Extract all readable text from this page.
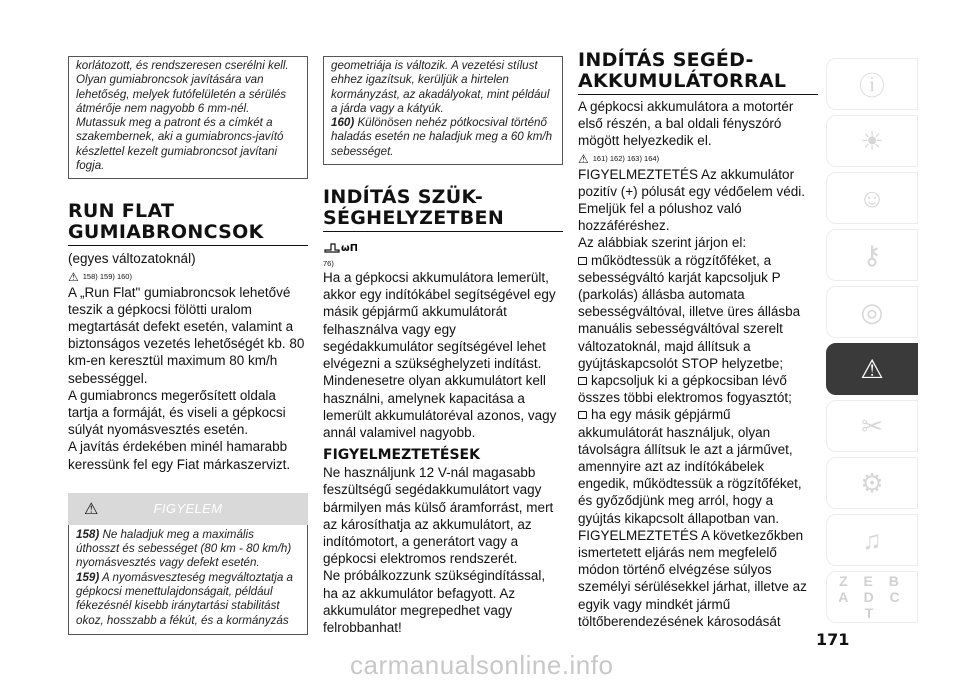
korlátozott, és rendszeresen cserélni kell. Olyan gumiabroncsok javítására van lehetőség, melyek futófelületén a sérülés átmérője nem nagyobb 6 mm-nél. Mutassuk meg a patront és a címkét a szakembernek, aki a gumiabroncs-javító készlettel kezelt gumiabroncsot javítani fogja.

RUN FLAT
GUMIABRONCSOK

(egyes változatoknál)

⚠ 158) 159) 160)

A „Run Flat" gumiabroncsok lehetővé teszik a gépkocsi fölötti uralom megtartását defekt esetén, valamint a biztonságos vezetés lehetőségét kb. 80 km-en keresztül maximum 80 km/h sebességgel.

A gumiabroncs megerősített oldala tartja a formáját, és viseli a gépkocsi súlyát nyomásvesztés esetén.

A javítás érdekében minél hamarabb keressünk fel egy Fiat márkaszervizt.

⚠	FIGYELEM

158) Ne haladjuk meg a maximális úthosszt és sebességet (80 km - 80 km/h) nyomásvesztés vagy defekt esetén.

159) A nyomásveszteség megváltoztatja a gépkocsi menettulajdonságait, például fékezésnél kisebb iránytartási stabilitást okoz, hosszabb a fékút, és a kormányzás

geometriája is változik. A vezetési stílust ehhez igazítsuk, kerüljük a hirtelen kormányzást, az akadályokat, mint például a járda vagy a kátyúk.

160) Különösen nehéz pótkocsival történő haladás esetén ne haladjuk meg a 60 km/h sebességet.

INDÍTÁS SZÜK-
SÉGHELYZETBEN
ωΠ
76)

Ha a gépkocsi akkumulátora lemerült, akkor egy indítókábel segítségével egy másik gépjármű akkumulátorát felhasználva vagy egy segédakkumulátor segítségével lehet elvégezni a szükséghelyzeti indítást.

Mindenesetre olyan akkumulátort kell használni, amelynek kapacitása a lemerült akkumulátoréval azonos, vagy annál valamivel nagyobb.

FIGYELMEZTETÉSEK

Ne használjunk 12 V-nál magasabb feszültségű segédakkumulátort vagy bármilyen más külső áramforrást, mert az károsíthatja az akkumulátort, az indítómotort, a generátort vagy a gépkocsi elektromos rendszerét.

Ne próbálkozzunk szükségindítással, ha az akkumulátor befagyott. Az akkumulátor megrepedhet vagy felrobbanhat!

INDÍTÁS SEGÉD-
AKKUMULÁTORRAL

A gépkocsi akkumulátora a motortér első részén, a bal oldali fényszóró mögött helyezkedik el.

⚠ 161) 162) 163) 164)

FIGYELMEZTETÉS Az akkumulátor pozitív (+) pólusát egy védőelem védi. Emeljük fel a pólushoz való hozzáféréshez.

Az alábbiak szerint járjon el:

működtessük a rögzítőféket, a sebességváltó karját kapcsoljuk P (parkolás) állásba automata sebességváltóval, illetve üres állásba manuális sebességváltóval szerelt változatoknál, majd állítsuk a gyújtáskapcsolót STOP helyzetbe;

kapcsoljuk ki a gépkocsiban lévő összes többi elektromos fogyasztót;

ha egy másik gépjármű akkumulátorát használjuk, olyan távolságra állítsuk le azt a járművet, amennyire azt az indítókábelek engedik, működtessük a rögzítőféket, és győződjünk meg arról, hogy a gyújtás kikapcsolt állapotban van.

FIGYELMEZTETÉS A következőkben ismertetett eljárás nem megfelelő módon történő elvégzése súlyos személyi sérülésekkel járhat, illetve az egyik vagy mindkét jármű töltőberendezésének károsodását

ⓘ
☀
☺
⚷
◎
⚠
✂
⚙
♫
Z E B A D C T
171
carmanualsonline.info
